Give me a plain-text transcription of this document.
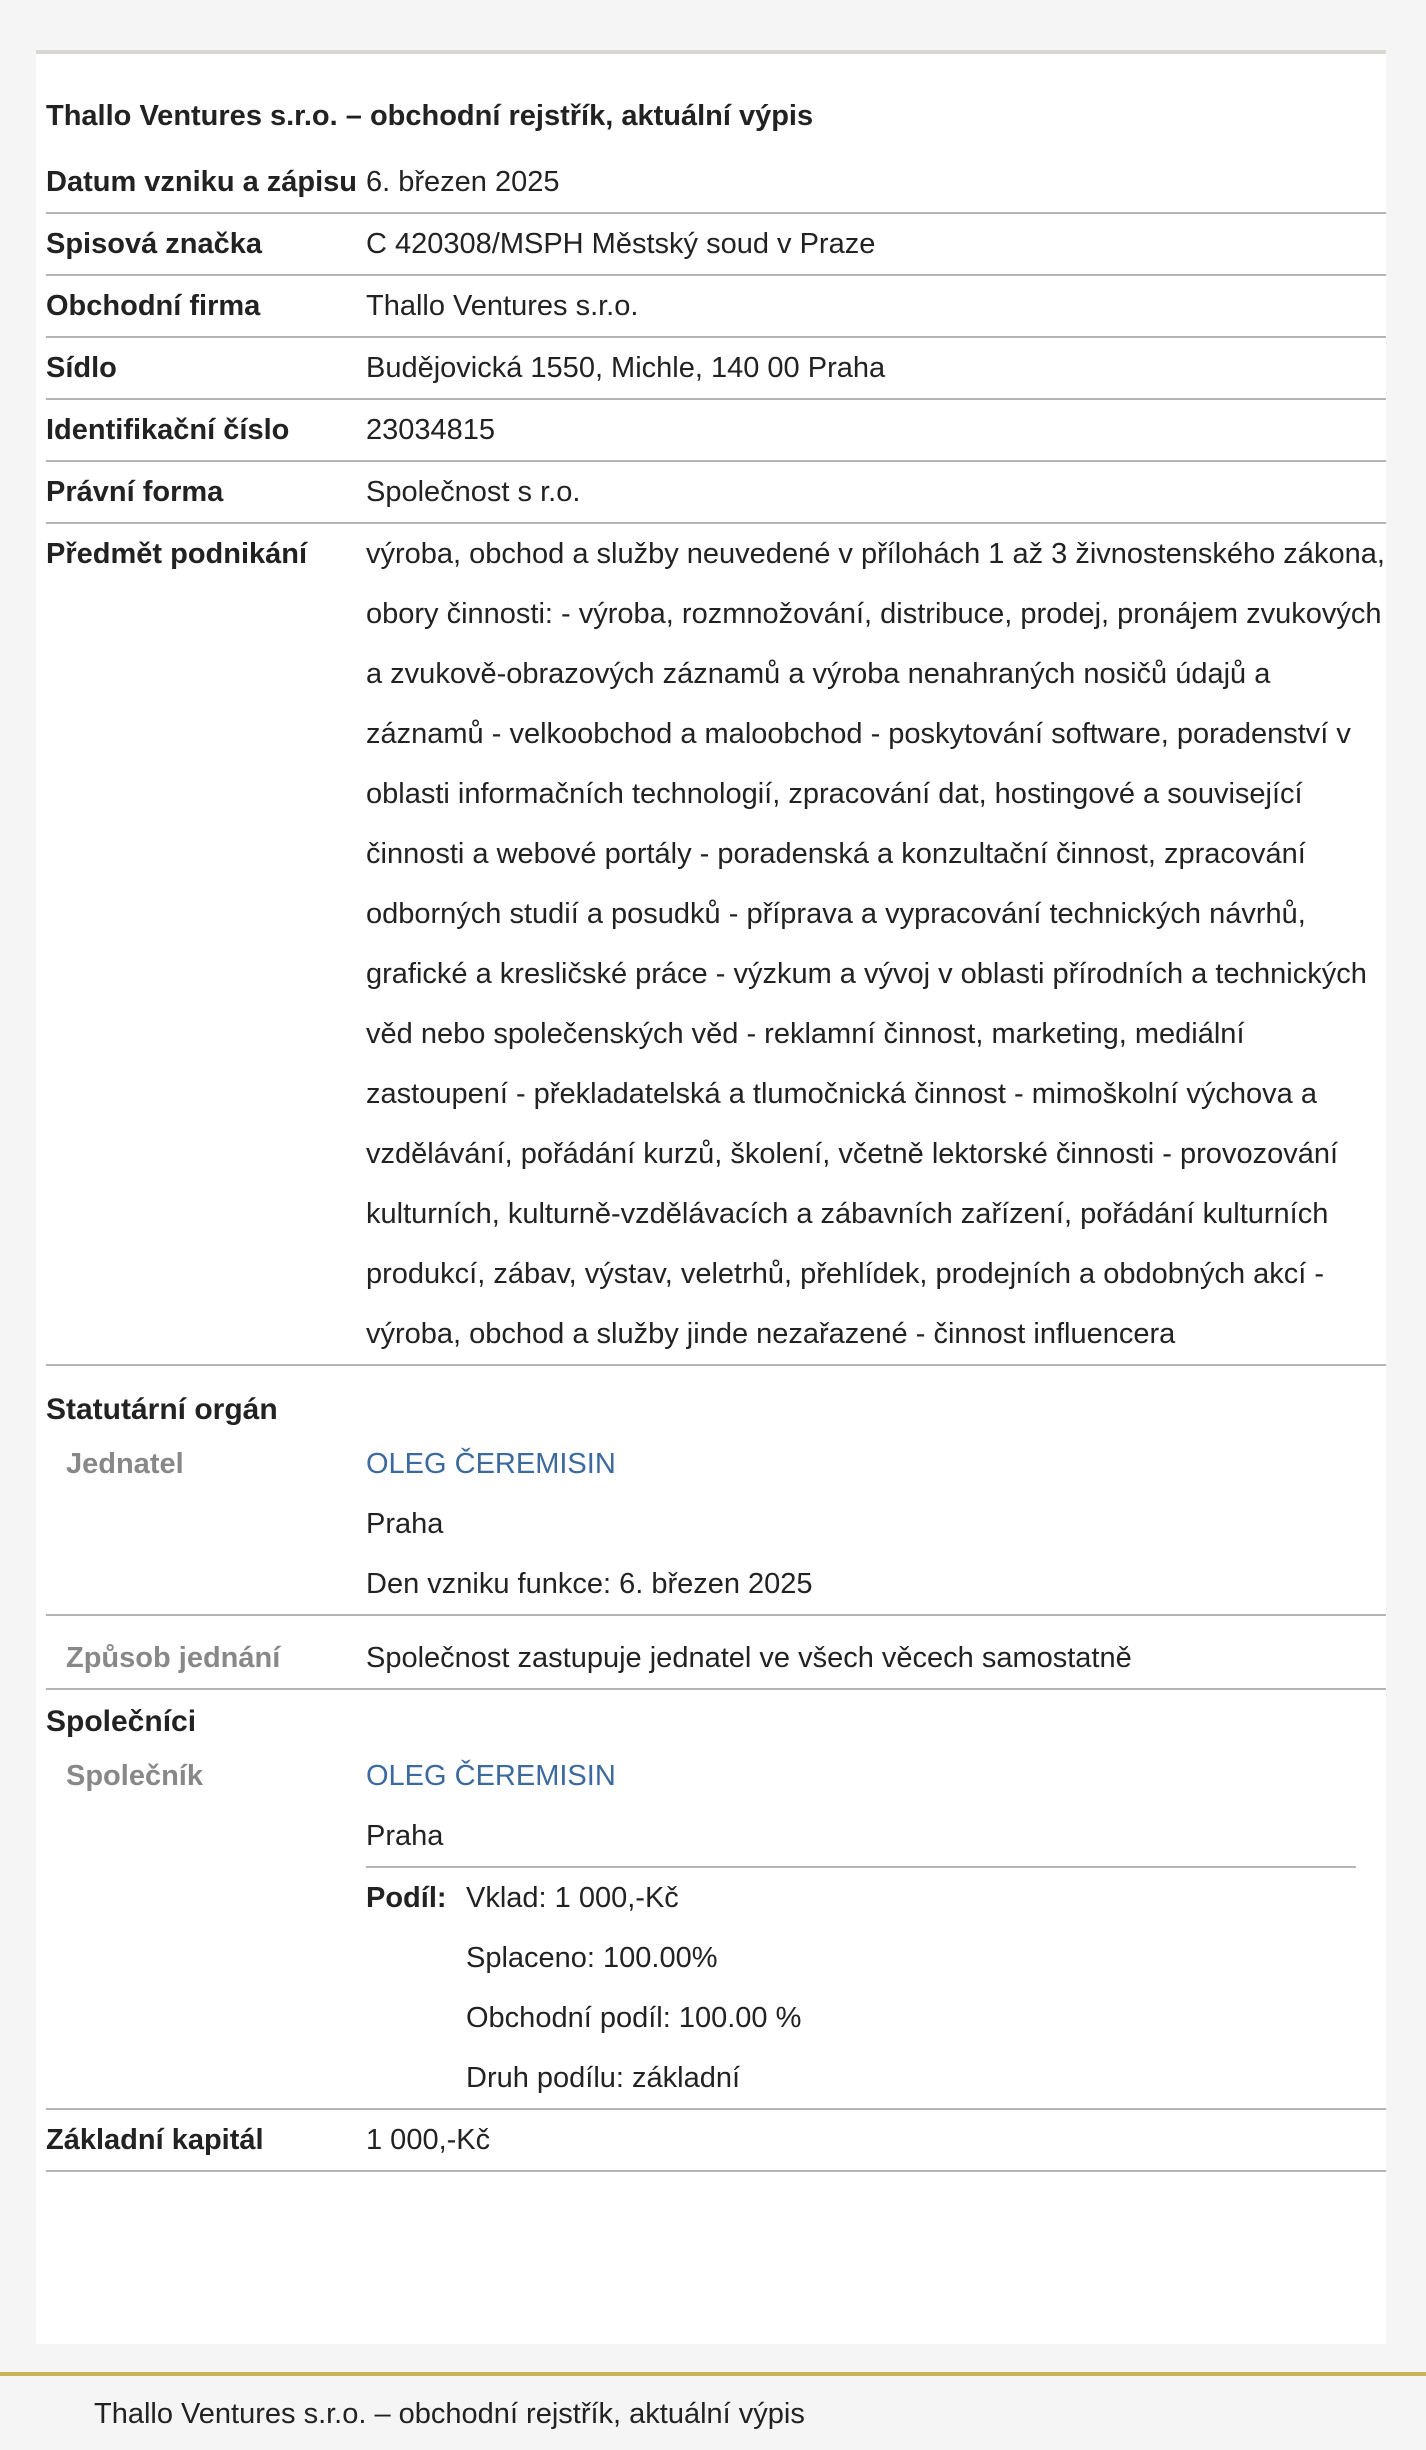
Thallo Ventures s.r.o. – obchodní rejstřík, aktuální výpis
Datum vzniku a zápisu 6. březen 2025
Spisová značka	C 420308/MSPH Městský soud v Praze
Obchodní firma	Thallo Ventures s.r.o.
Sídlo	Budějovická 1550, Michle, 140 00 Praha
Identifikační číslo	23034815
Právní forma	Společnost s r.o.
Předmět podnikání	výroba, obchod a služby neuvedené v přílohách 1 až 3 živnostenského zákona, obory činnosti: - výroba, rozmnožování, distribuce, prodej, pronájem zvukových a zvukově-obrazových záznamů a výroba nenahraných nosičů údajů a záznamů - velkoobchod a maloobchod - poskytování software, poradenství v oblasti informačních technologií, zpracování dat, hostingové a související činnosti a webové portály - poradenská a konzultační činnost, zpracování odborných studií a posudků - příprava a vypracování technických návrhů, grafické a kresličské práce - výzkum a vývoj v oblasti přírodních a technických věd nebo společenských věd - reklamní činnost, marketing, mediální zastoupení - překladatelská a tlumočnická činnost - mimoškolní výchova a vzdělávání, pořádání kurzů, školení, včetně lektorské činnosti - provozování kulturních, kulturně-vzdělávacích a zábavních zařízení, pořádání kulturních produkcí, zábav, výstav, veletrhů, přehlídek, prodejních a obdobných akcí - výroba, obchod a služby jinde nezařazené - činnost influencera
Statutární orgán
Jednatel	OLEG ČEREMISIN
Praha
Den vzniku funkce: 6. březen 2025
Způsob jednání	Společnost zastupuje jednatel ve všech věcech samostatně
Společníci
Společník	OLEG ČEREMISIN
Praha
Podíl: Vklad: 1 000,-Kč
Splaceno: 100.00%
Obchodní podíl: 100.00 %
Druh podílu: základní
Základní kapitál	1 000,-Kč
Thallo Ventures s.r.o. – obchodní rejstřík, aktuální výpis
